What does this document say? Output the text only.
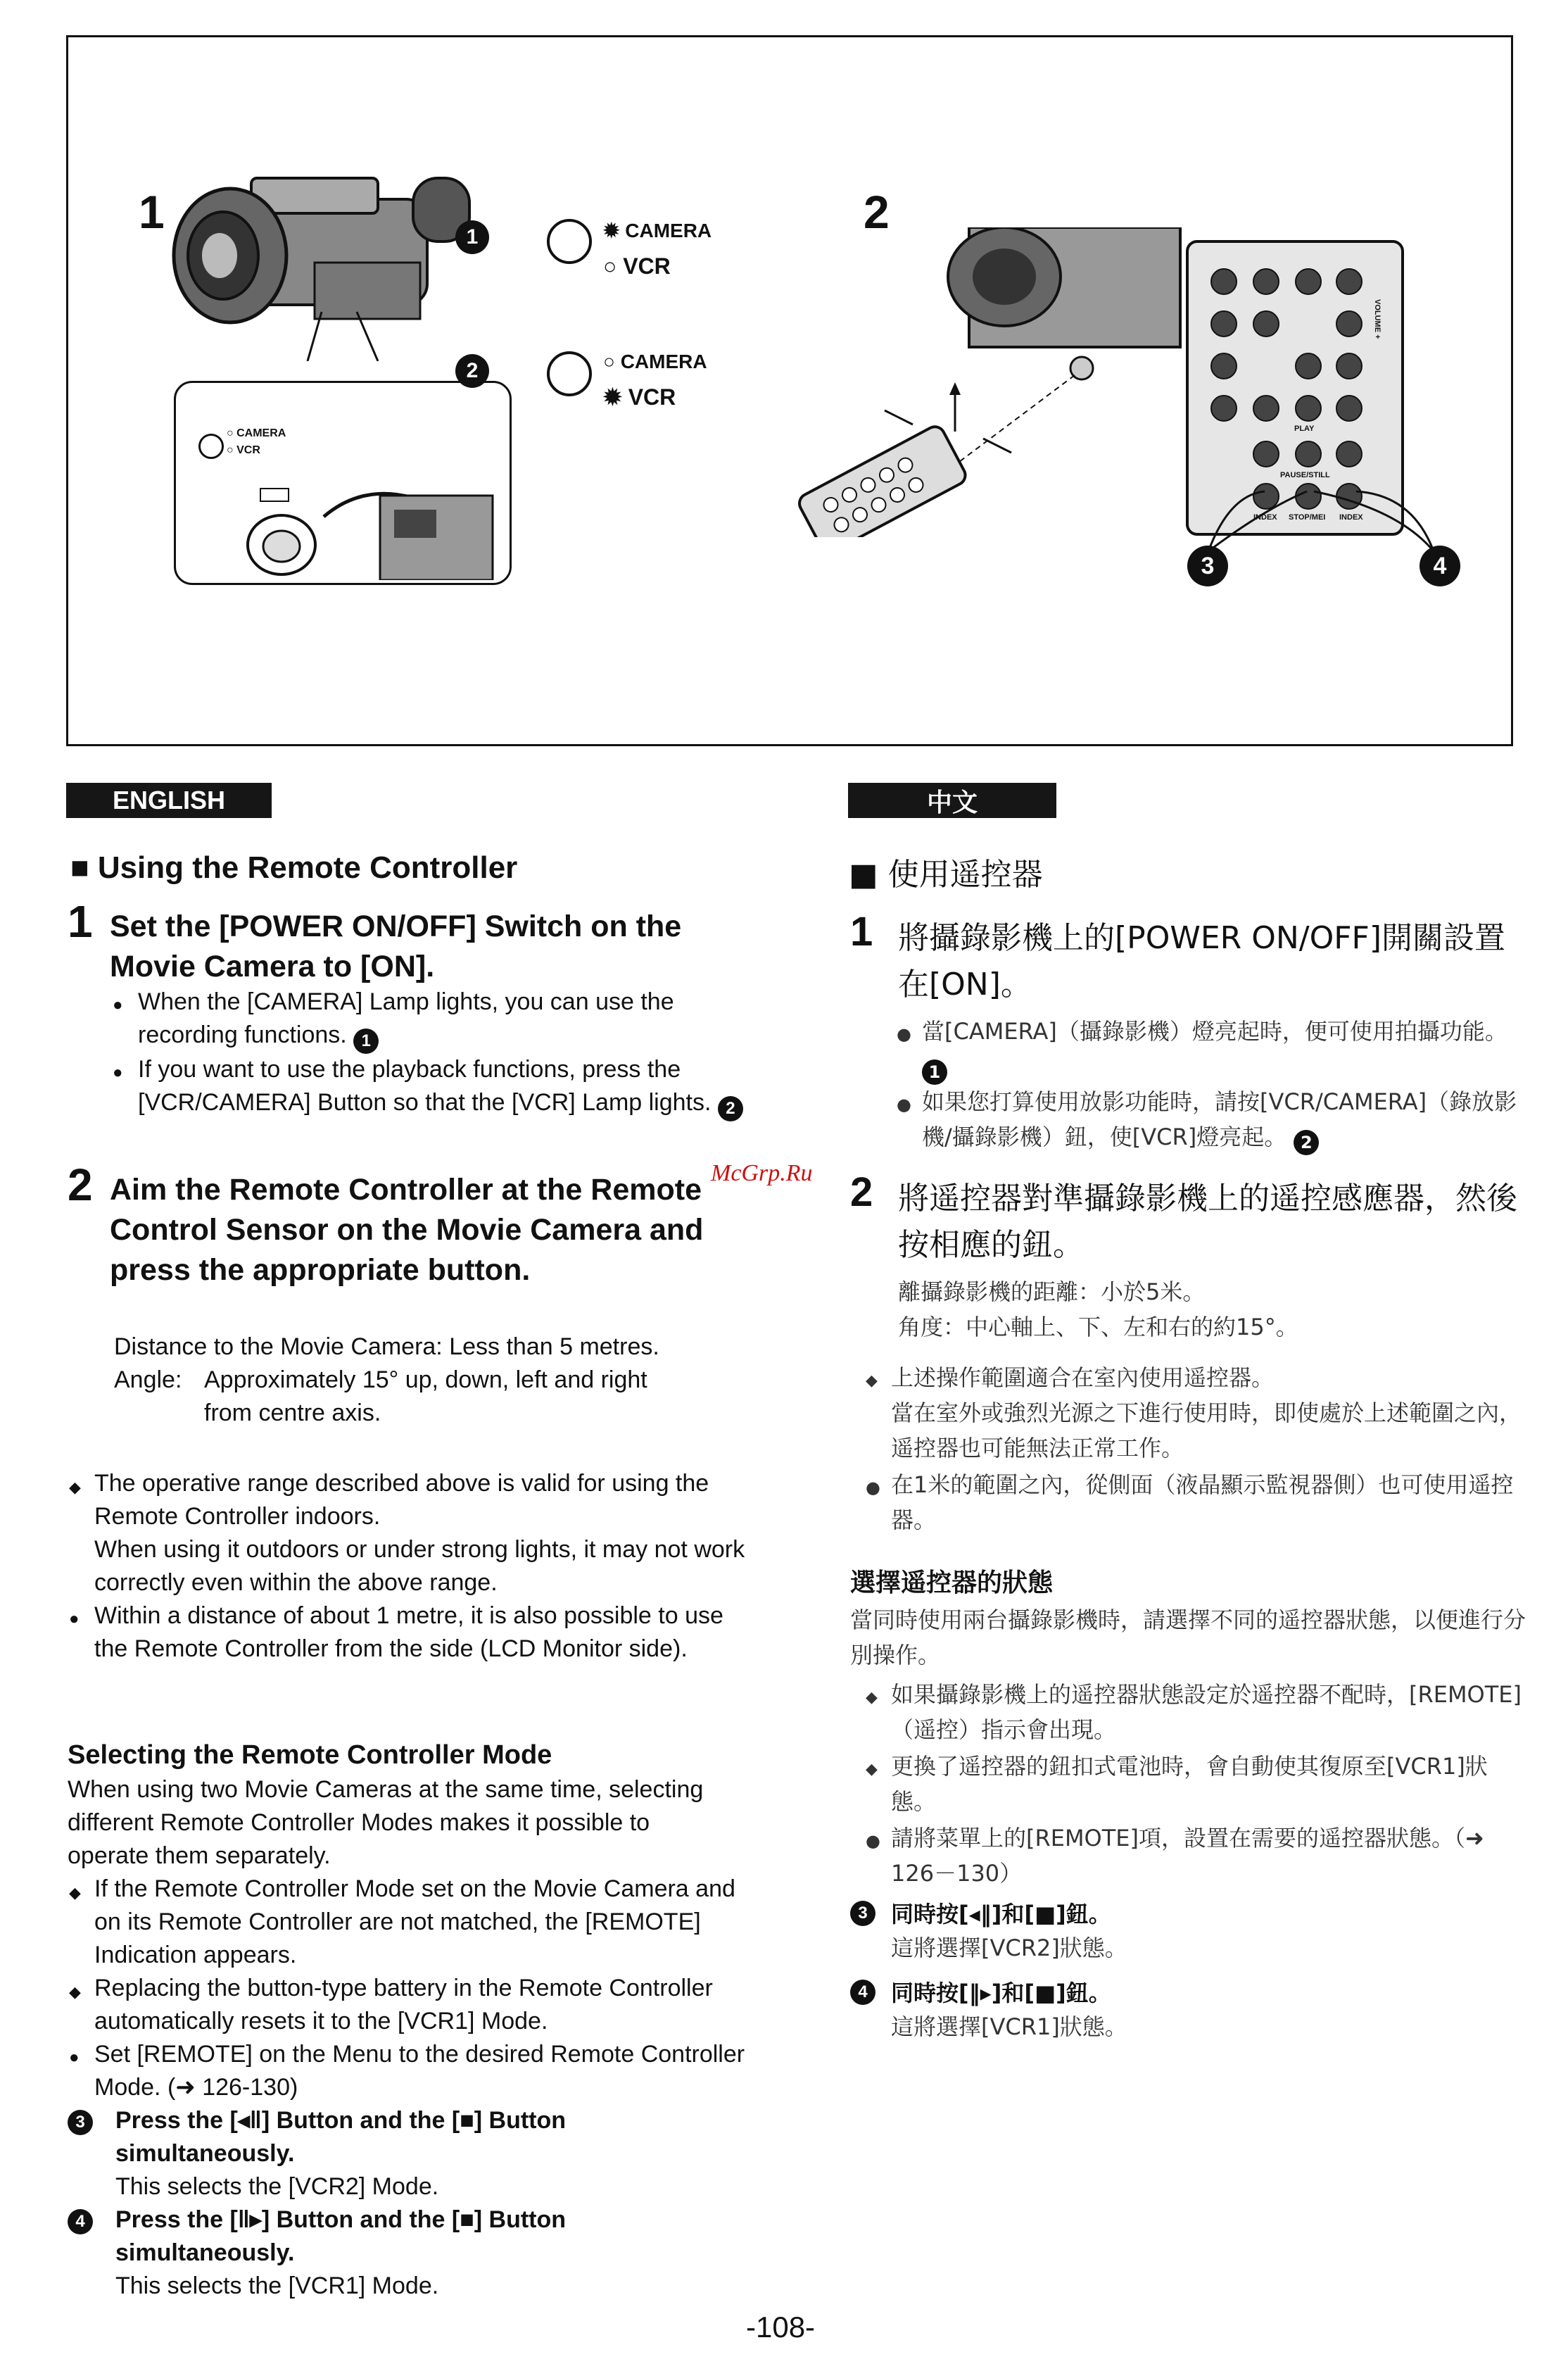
1
○ CAMERA
○ VCR
1	✹ CAMERA
○ VCR
2	○ CAMERA
✹ VCR
2
VOLUME +
PLAY
PAUSE/STILL
STOP/MEI
INDEX	INDEX
3	4
ENGLISH
■ Using the Remote Controller
1 Set the [POWER ON/OFF] Switch on the Movie Camera to [ON].
● When the [CAMERA] Lamp lights, you can use the recording functions. 1
● If you want to use the playback functions, press the [VCR/CAMERA] Button so that the [VCR] Lamp lights. 2
2 Aim the Remote Controller at the Remote Control Sensor on the Movie Camera and press the appropriate button.
Distance to the Movie Camera: Less than 5 metres.
Angle: Approximately 15° up, down, left and right
from centre axis.
◆ The operative range described above is valid for using the Remote Controller indoors.
When using it outdoors or under strong lights, it may not work correctly even within the above range.
● Within a distance of about 1 metre, it is also possible to use the Remote Controller from the side (LCD Monitor side).
Selecting the Remote Controller Mode
When using two Movie Cameras at the same time, selecting different Remote Controller Modes makes it possible to operate them separately.
◆ If the Remote Controller Mode set on the Movie Camera and on its Remote Controller are not matched, the [REMOTE] Indication appears.
◆ Replacing the button-type battery in the Remote Controller automatically resets it to the [VCR1] Mode.
● Set [REMOTE] on the Menu to the desired Remote Controller Mode. (➜ 126-130)
3	Press the [◂‖] Button and the [■] Button simultaneously.
This selects the [VCR2] Mode.
4	Press the [‖▸] Button and the [■] Button simultaneously.
This selects the [VCR1] Mode.
McGrp.Ru
中文
■ 使用遥控器
1 將攝錄影機上的[POWER ON/OFF]開關設置在[ON]。
● 當[CAMERA]（攝錄影機）燈亮起時，便可使用拍攝功能。 1
● 如果您打算使用放影功能時，請按[VCR/CAMERA]（錄放影機/攝錄影機）鈕，使[VCR]燈亮起。 2
2 將遥控器對準攝錄影機上的遥控感應器，然後按相應的鈕。
離攝錄影機的距離：小於5米。
角度：中心軸上、下、左和右的約15°。
◆ 上述操作範圍適合在室內使用遥控器。
當在室外或強烈光源之下進行使用時，即使處於上述範圍之內，遥控器也可能無法正常工作。
● 在1米的範圍之內，從側面（液晶顯示監視器側）也可使用遥控器。
選擇遥控器的狀態
當同時使用兩台攝錄影機時，請選擇不同的遥控器狀態，以便進行分別操作。
◆ 如果攝錄影機上的遥控器狀態設定於遥控器不配時，[REMOTE]（遥控）指示會出現。
◆ 更換了遥控器的鈕扣式電池時，會自動使其復原至[VCR1]狀態。
● 請將菜單上的[REMOTE]項，設置在需要的遥控器狀態。（➜ 126－130）
3	同時按[◂‖]和[■]鈕。
這將選擇[VCR2]狀態。
4	同時按[‖▸]和[■]鈕。
這將選擇[VCR1]狀態。
-108-
